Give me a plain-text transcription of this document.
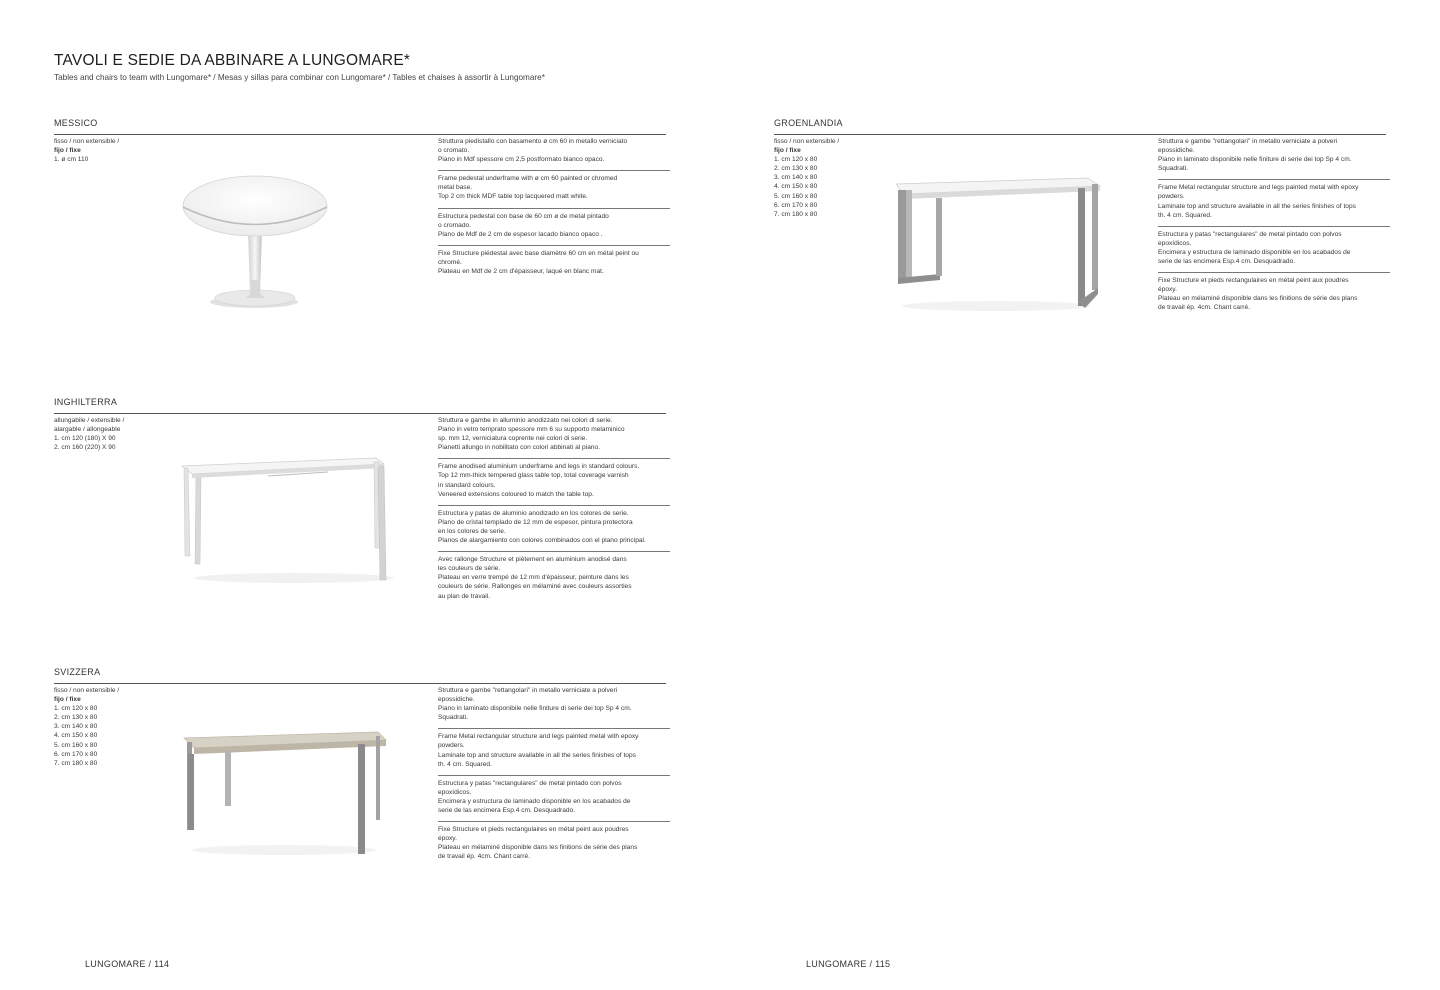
TAVOLI E SEDIE DA ABBINARE A LUNGOMARE*
Tables and chairs to team with Lungomare* / Mesas y sillas para combinar con Lungomare* / Tables et chaises à assortir à Lungomare*
MESSICO
fisso / non extensible /
fijo / fixe
1. ø cm 110
Struttura piedistallo con basamento ø cm 60 in metallo verniciato
o cromato.
Piano in Mdf spessore cm 2,5 postformato bianco opaco.
Frame pedestal underframe with ø cm 60 painted or chromed
metal base.
Top 2 cm thick MDF table top lacquered matt white.
Estructura pedestal con base de 60 cm ø de metal pintado
o cromado.
Plano de Mdf de 2 cm de espesor lacado bianco opaco .
Fixe Structure piédestal avec base diamètre 60 cm en métal peint ou
chromé.
Plateau en Mdf de 2 cm d'épaisseur, laqué en blanc mat.
INGHILTERRA
allungabile / extensible /
alargable / allongeable
1. cm 120 (180) X 90
2. cm 160 (220) X 90
Struttura e gambe in alluminio anodizzato nei colori di serie.
Piano in vetro temprato spessore mm 6 su supporto melaminico
sp. mm 12, verniciatura coprente nei colori di serie.
Pianetti allungo in nobilitato con colori abbinati al piano.
Frame anodised aluminium underframe and legs in standard colours.
Top 12 mm-thick tempered glass table top, total coverage varnish
in standard colours.
Veneered extensions coloured to match the table top.
Estructura y patas de aluminio anodizado en los colores de serie.
Plano de cristal templado de 12 mm de espesor, pintura protectora
en los colores de serie.
Planos de alargamiento con colores combinados con el plano principal.
Avec rallonge Structure et piètement en aluminium anodisé dans
les couleurs de série.
Plateau en verre trempé de 12 mm d'épaisseur, peinture dans les
couleurs de série. Rallonges en mélaminé avec couleurs assorties
au plan de travail.
SVIZZERA
fisso / non extensible /
fijo / fixe
1. cm 120 x 80
2. cm 130 x 80
3. cm 140 x 80
4. cm 150 x 80
5. cm 160 x 80
6. cm 170 x 80
7. cm 180 x 80
Struttura e gambe "rettangolari" in metallo verniciate a polveri
epossidiche.
Piano in laminato disponibile nelle finiture di serie dei top Sp 4 cm.
Squadrati.
Frame Metal rectangular structure and legs painted metal with epoxy
powders.
Laminate top and structure available in all the series finishes of tops
th. 4 cm. Squared.
Estructura y patas "rectangulares" de metal pintado con polvos
epoxídicos.
Encimera y estructura de laminado disponible en los acabados de
serie de las encimera Esp.4 cm. Desquadrado.
Fixe Structure et pieds rectangulaires en métal peint aux poudres
époxy.
Plateau en mélaminé disponible dans les finitions de série des plans
de travail ép. 4cm. Chant carré.
GROENLANDIA
fisso / non extensible /
fijo / fixe
1. cm 120 x 80
2. cm 130 x 80
3. cm 140 x 80
4. cm 150 x 80
5. cm 160 x 80
6. cm 170 x 80
7. cm 180 x 80
Struttura e gambe "rettangolari" in metallo verniciate a polveri
epossidiche.
Piano in laminato disponibile nelle finiture di serie dei top Sp 4 cm.
Squadrati.
Frame Metal rectangular structure and legs painted metal with epoxy
powders.
Laminate top and structure available in all the series finishes of tops
th. 4 cm. Squared.
Estructura y patas "rectangulares" de metal pintado con polvos
epoxídicos.
Encimera y estructura de laminado disponible en los acabados de
serie de las encimera Esp.4 cm. Desquadrado.
Fixe Structure et pieds rectangulaires en métal peint aux poudres
époxy.
Plateau en mélaminé disponible dans les finitions de série des plans
de travail ép. 4cm. Chant carré.
LUNGOMARE / 114	LUNGOMARE / 115
